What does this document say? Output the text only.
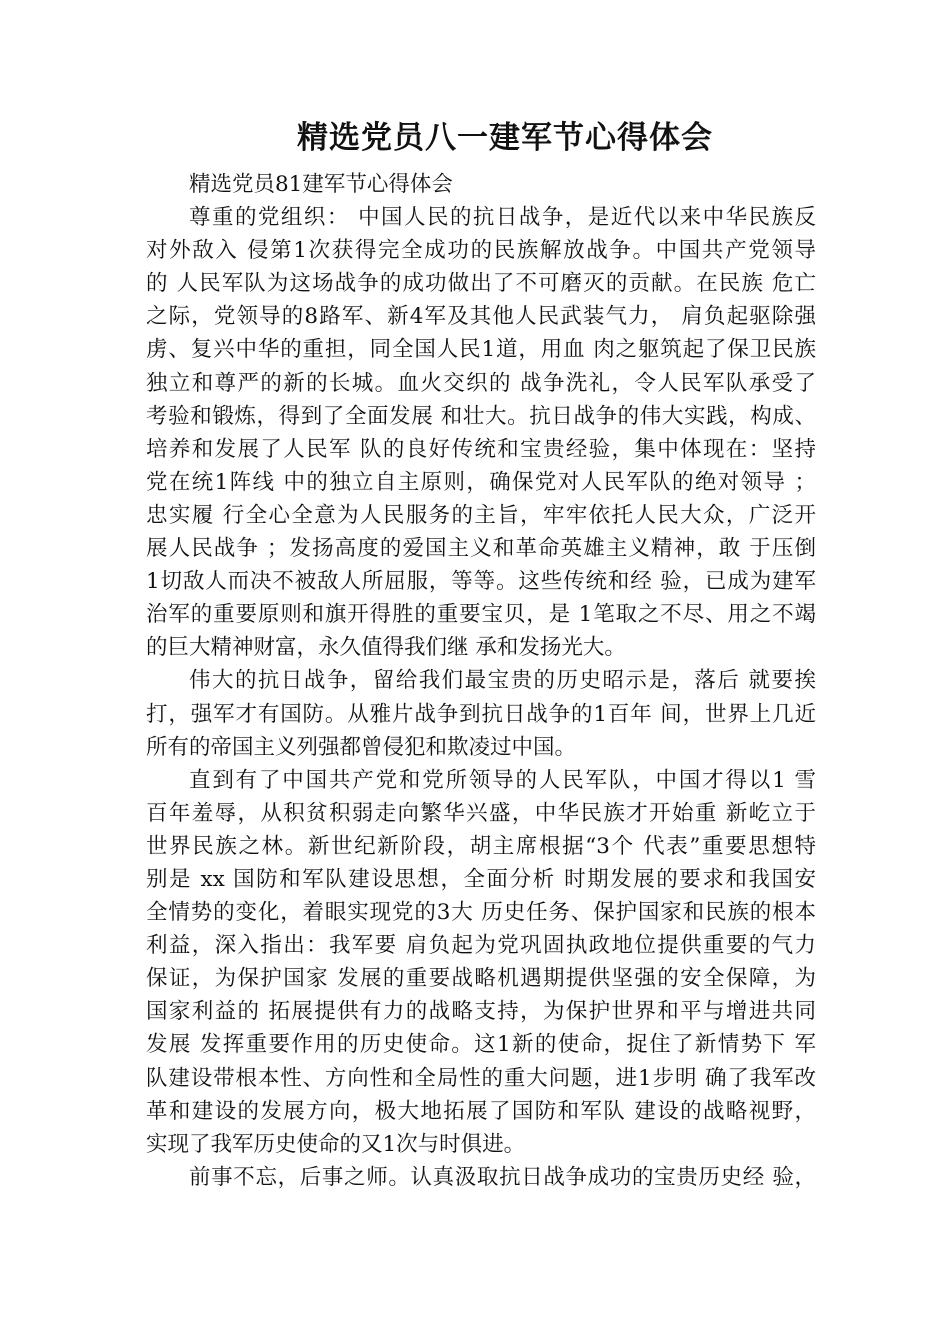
精选党员八一建军节心得体会
精选党员81建军节心得体会
尊重的党组织： 中国人民的抗日战争，是近代以来中华民族反
对外敌入 侵第1次获得完全成功的民族解放战争。中国共产党领导
的 人民军队为这场战争的成功做出了不可磨灭的贡献。在民族 危亡
之际，党领导的8路军、新4军及其他人民武装气力， 肩负起驱除强
虏、复兴中华的重担，同全国人民1道，用血 肉之躯筑起了保卫民族
独立和尊严的新的长城。血火交织的 战争洗礼，令人民军队承受了
考验和锻炼，得到了全面发展 和壮大。抗日战争的伟大实践，构成、
培养和发展了人民军 队的良好传统和宝贵经验，集中体现在：坚持
党在统1阵线 中的独立自主原则，确保党对人民军队的绝对领导 ；
忠实履 行全心全意为人民服务的主旨，牢牢依托人民大众，广泛开
展人民战争 ；发扬高度的爱国主义和革命英雄主义精神，敢 于压倒
1切敌人而决不被敌人所屈服，等等。这些传统和经 验，已成为建军
治军的重要原则和旗开得胜的重要宝贝，是 1笔取之不尽、用之不竭
的巨大精神财富，永久值得我们继 承和发扬光大。
伟大的抗日战争，留给我们最宝贵的历史昭示是，落后 就要挨
打，强军才有国防。从雅片战争到抗日战争的1百年 间，世界上几近
所有的帝国主义列强都曾侵犯和欺凌过中国。
直到有了中国共产党和党所领导的人民军队，中国才得以1 雪
百年羞辱，从积贫积弱走向繁华兴盛，中华民族才开始重 新屹立于
世界民族之林。新世纪新阶段，胡主席根据“3个 代表”重要思想特
别是 xx 国防和军队建设思想，全面分析 时期发展的要求和我国安
全情势的变化，着眼实现党的3大 历史任务、保护国家和民族的根本
利益，深入指出：我军要 肩负起为党巩固执政地位提供重要的气力
保证，为保护国家 发展的重要战略机遇期提供坚强的安全保障，为
国家利益的 拓展提供有力的战略支持，为保护世界和平与增进共同
发展 发挥重要作用的历史使命。这1新的使命，捉住了新情势下 军
队建设带根本性、方向性和全局性的重大问题，进1步明 确了我军改
革和建设的发展方向，极大地拓展了国防和军队 建设的战略视野，
实现了我军历史使命的又1次与时俱进。
前事不忘，后事之师。认真汲取抗日战争成功的宝贵历史经 验，
